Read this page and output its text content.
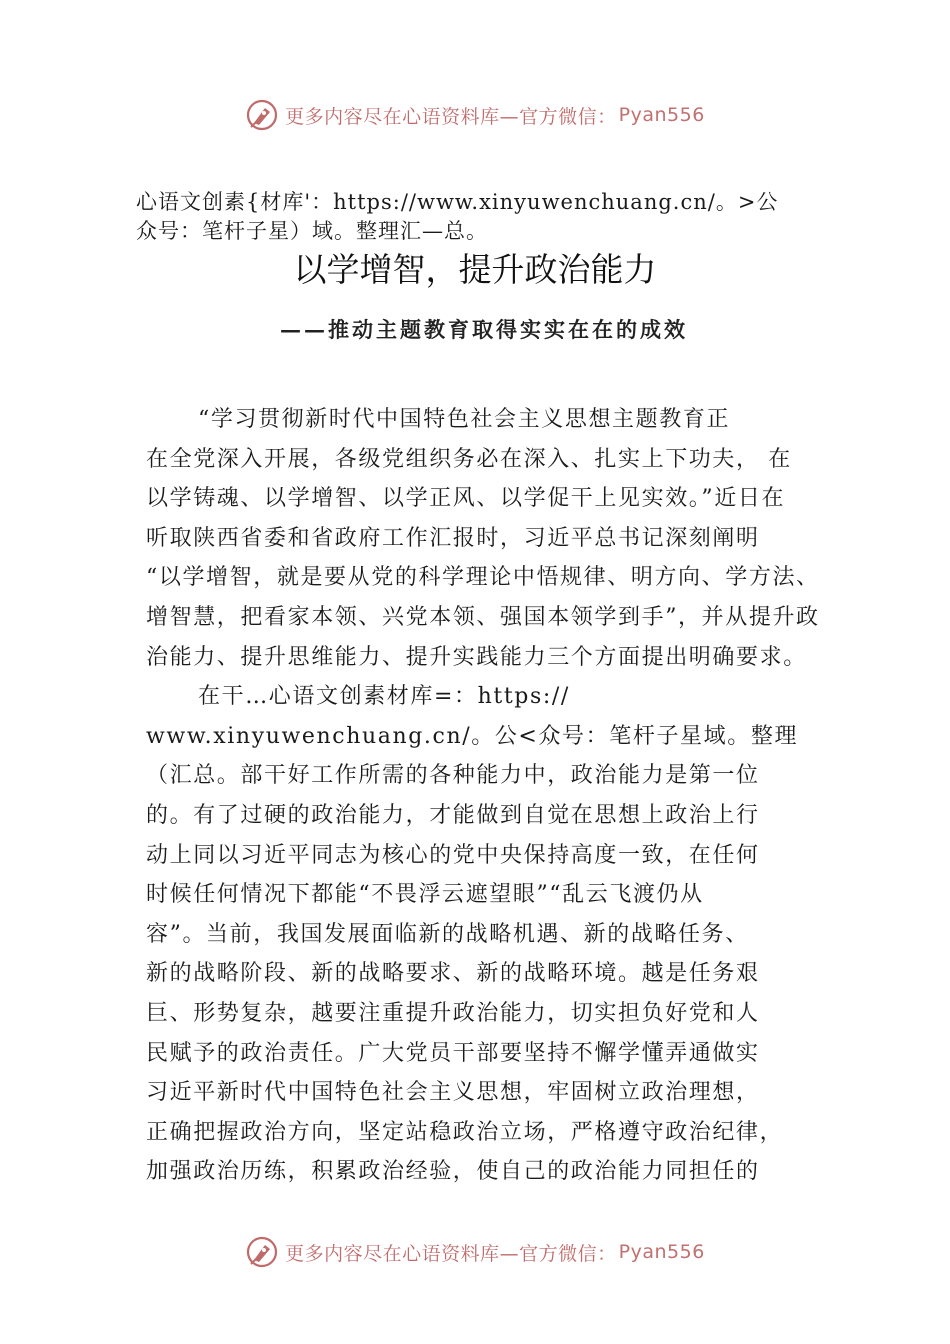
更多内容尽在心语资料库—官方微信： Pyan556
心语文创素{材库'：https://www.xinyuwenchuang.cn/。>公
众号：笔杆子星）域。整理汇—总。
以学增智，提升政治能力
——推动主题教育取得实实在在的成效
“学习贯彻新时代中国特色社会主义思想主题教育正
在全党深入开展，各级党组织务必在深入、扎实上下功夫， 在
以学铸魂、以学增智、以学正风、以学促干上见实效。”近日在
听取陕西省委和省政府工作汇报时，习近平总书记深刻阐明
“以学增智，就是要从党的科学理论中悟规律、明方向、学方法、
增智慧，把看家本领、兴党本领、强国本领学到手”，并从提升政
治能力、提升思维能力、提升实践能力三个方面提出明确要求。
在干…心语文创素材库=：https://
www.xinyuwenchuang.cn/。公<众号：笔杆子星域。整理
（汇总。部干好工作所需的各种能力中，政治能力是第一位
的。有了过硬的政治能力，才能做到自觉在思想上政治上行
动上同以习近平同志为核心的党中央保持高度一致，在任何
时候任何情况下都能“不畏浮云遮望眼”“乱云飞渡仍从
容”。当前，我国发展面临新的战略机遇、新的战略任务、
新的战略阶段、新的战略要求、新的战略环境。越是任务艰
巨、形势复杂，越要注重提升政治能力，切实担负好党和人
民赋予的政治责任。广大党员干部要坚持不懈学懂弄通做实
习近平新时代中国特色社会主义思想，牢固树立政治理想，
正确把握政治方向，坚定站稳政治立场，严格遵守政治纪律，
加强政治历练，积累政治经验，使自己的政治能力同担任的
更多内容尽在心语资料库—官方微信： Pyan556
